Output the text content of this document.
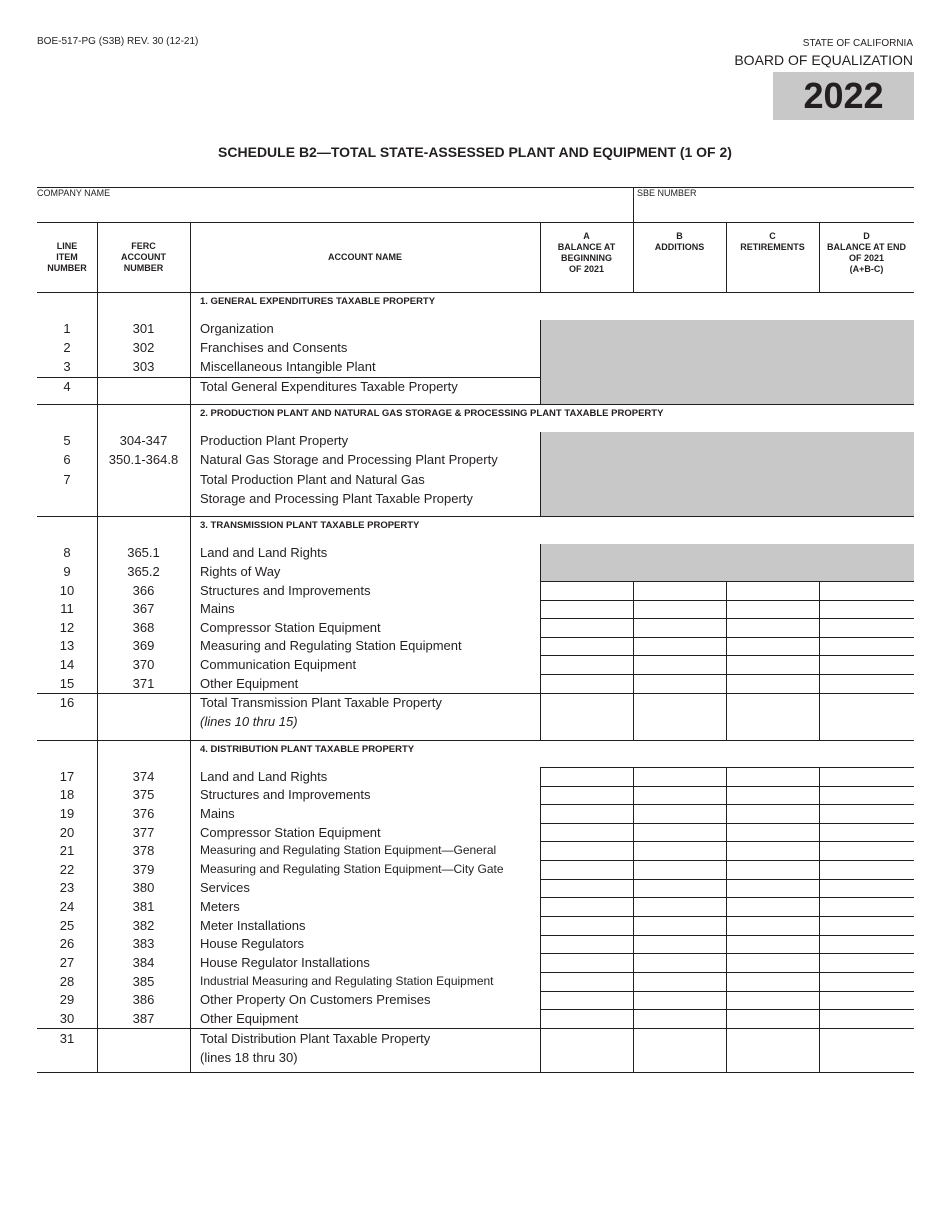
BOE-517-PG (S3B) REV. 30 (12-21)	STATE OF CALIFORNIA
BOARD OF EQUALIZATION
2022
SCHEDULE B2—TOTAL STATE-ASSESSED PLANT AND EQUIPMENT (1 OF 2)
COMPANY NAME	SBE NUMBER
LINE
ITEM
NUMBER
FERC
ACCOUNT
NUMBER
ACCOUNT NAME
A
BALANCE AT
BEGINNING
OF 2021
B
ADDITIONS
C
RETIREMENTS
D
BALANCE AT END
OF 2021
(A+B-C)
1. GENERAL EXPENDITURES TAXABLE PROPERTY
1	301	Organization
2	302	Franchises and Consents
3	303	Miscellaneous Intangible Plant
4	Total General Expenditures Taxable Property
2. PRODUCTION PLANT AND NATURAL GAS STORAGE & PROCESSING PLANT TAXABLE PROPERTY
5	304-347	Production Plant Property
6	350.1-364.8	Natural Gas Storage and Processing Plant Property
7	Total Production Plant and Natural Gas
Storage and Processing Plant Taxable Property
3. TRANSMISSION PLANT TAXABLE PROPERTY
8	365.1	Land and Land Rights
9	365.2	Rights of Way
10	366	Structures and Improvements
11	367	Mains
12	368	Compressor Station Equipment
13	369	Measuring and Regulating Station Equipment
14	370	Communication Equipment
15	371	Other Equipment
16	Total Transmission Plant Taxable Property
(lines 10 thru 15)
4. DISTRIBUTION PLANT TAXABLE PROPERTY
17	374	Land and Land Rights
18	375	Structures and Improvements
19	376	Mains
20	377	Compressor Station Equipment
21	378	Measuring and Regulating Station Equipment—General
22	379	Measuring and Regulating Station Equipment—City Gate
23	380	Services
24	381	Meters
25	382	Meter Installations
26	383	House Regulators
27	384	House Regulator Installations
28	385	Industrial Measuring and Regulating Station Equipment
29	386	Other Property On Customers Premises
30	387	Other Equipment
31	Total Distribution Plant Taxable Property
(lines 18 thru 30)
